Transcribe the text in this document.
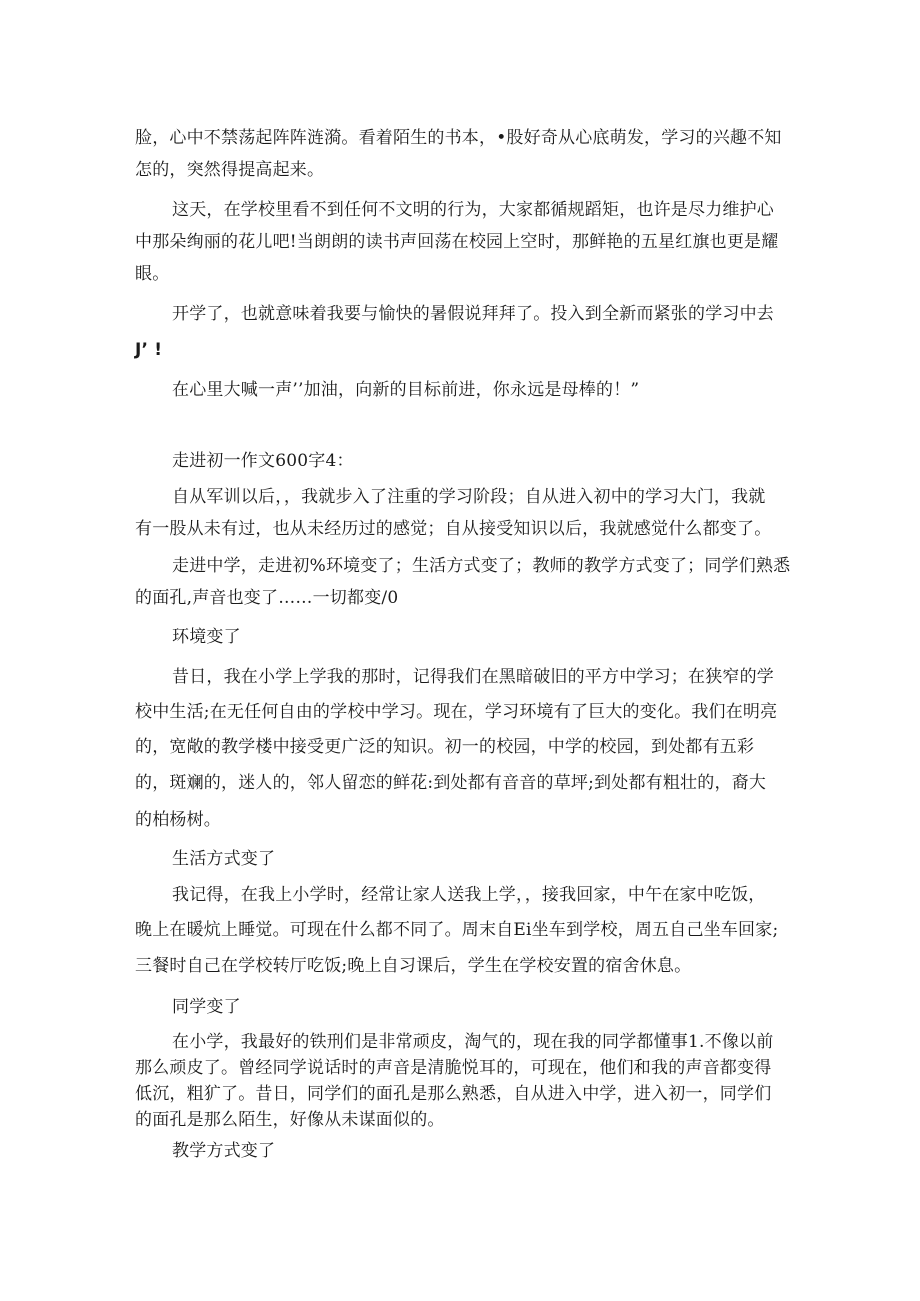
脸，心中不禁荡起阵阵涟漪。看着陌生的书本，•股好奇从心底萌发，学习的兴趣不知
怎的，突然得提高起来。
这天，在学校里看不到任何不文明的行为，大家都循规蹈矩，也许是尽力维护心
中那朵绚丽的花儿吧!当朗朗的读书声回荡在校园上空时，那鲜艳的五星红旗也更是耀
眼。
开学了，也就意味着我要与愉快的暑假说拜拜了。投入到全新而紧张的学习中去
J’ !
在心里大喊一声’’加油，向新的目标前进，你永远是母棒的！”
走进初一作文600字4：
自从军训以后，，我就步入了注重的学习阶段；自从进入初中的学习大门，我就
有一股从未有过，也从未经历过的感觉；自从接受知识以后，我就感觉什么都变了。
走进中学，走进初%环境变了；生活方式变了；教师的教学方式变了；同学们熟悉
的面孔,声音也变了……一切都变/0
环境变了
昔日，我在小学上学我的那时，记得我们在黑暗破旧的平方中学习；在狭窄的学
校中生活;在无任何自由的学校中学习。现在，学习环境有了巨大的变化。我们在明亮
的，宽敞的教学楼中接受更广泛的知识。初一的校园，中学的校园，到处都有五彩
的，斑斓的，迷人的，邻人留恋的鲜花:到处都有音音的草坪;到处都有粗壮的，裔大
的柏杨树。
生活方式变了
我记得，在我上小学时，经常让家人送我上学，，接我回家，中午在家中吃饭，
晚上在暖炕上睡觉。可现在什么都不同了。周末自Ei坐车到学校，周五自己坐车回家;
三餐时自己在学校转厅吃饭;晚上自习课后，学生在学校安置的宿舍休息。
同学变了
在小学，我最好的铁刑们是非常顽皮，淘气的，现在我的同学都懂事1.不像以前
那么顽皮了。曾经同学说话时的声音是清脆悦耳的，可现在，他们和我的声音都变得
低沉，粗犷了。昔日，同学们的面孔是那么熟悉，自从进入中学，进入初一，同学们
的面孔是那么陌生，好像从未谋面似的。
教学方式变了
